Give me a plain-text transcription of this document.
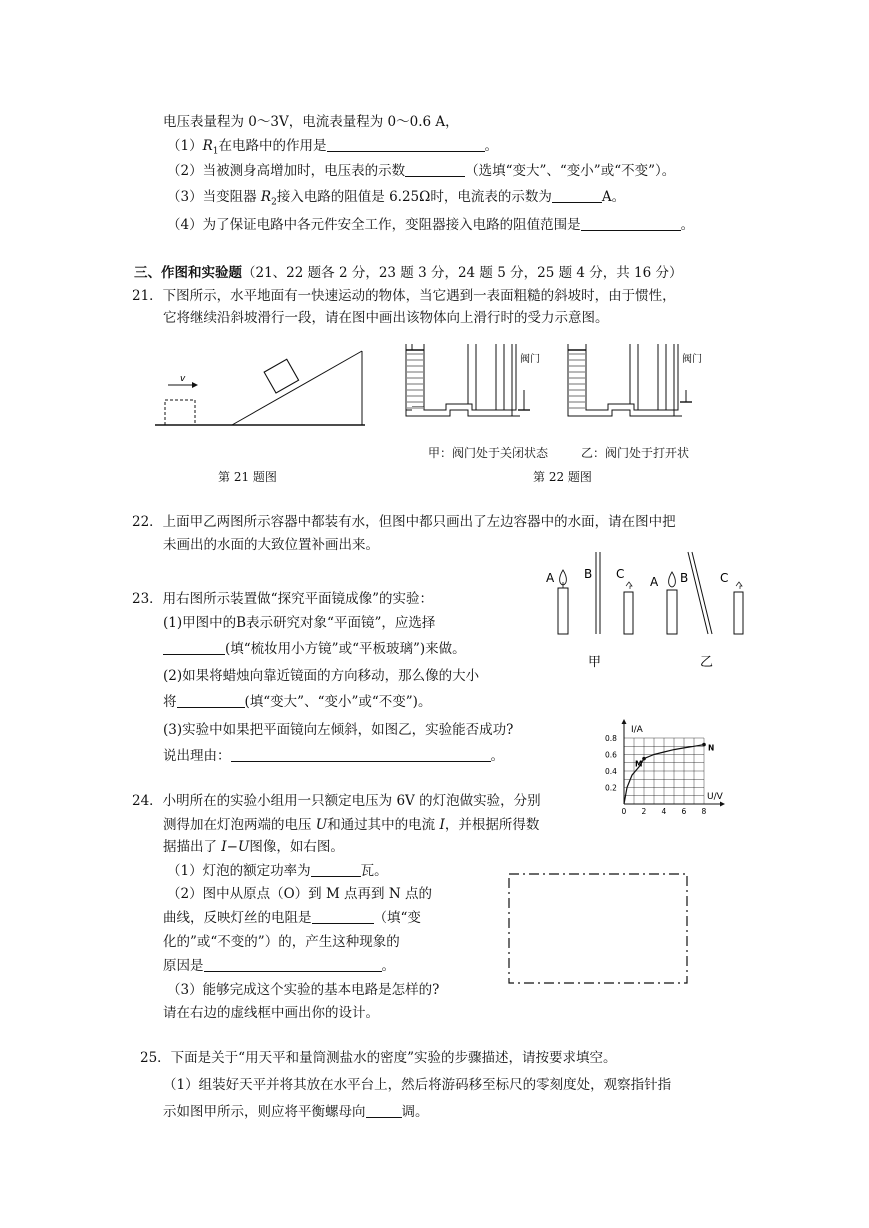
电压表量程为 0～3V，电流表量程为 0～0.6 A，
$(1)R_1$在电路中的作用是	。
（2）当被测身高增加时，电压表的示数	（选填“变大”、“变小”或“不变”）。
（3）当变阻器 $R_2$接入电路的阻值是 6.25Ω时，电流表的示数为	A。
（4）为了保证电路中各元件安全工作，变阻器接入电路的阻值范围是	。
三、作图和实验题（21、22 题各 2 分，23 题 3 分，24 题 5 分，25 题 4 分，共 16 分）
21．下图所示，水平地面有一快速运动的物体，当它遇到一表面粗糙的斜坡时，由于惯性，
它将继续沿斜坡滑行一段，请在图中画出该物体向上滑行时的受力示意图。
v
第 21 题图
阀门	阀门
甲：阀门处于关闭状态	乙：阀门处于打开状
第 22 题图
22．上面甲乙两图所示容器中都装有水，但图中都只画出了左边容器中的水面，请在图中把
未画出的水面的大致位置补画出来。
23．用右图所示装置做“探究平面镜成像”的实验：
(1)甲图中的B表示研究对象“平面镜”，应选择
(填“梳妆用小方镜”或“平板玻璃”)来做。
(2)如果将蜡烛向靠近镜面的方向移动，那么像的大小
将	(填“变大”、“变小”或“不变”)。
(3)实验中如果把平面镜向左倾斜，如图乙，实验能否成功?
说出理由：	。
A B C
甲
A B	C
乙
24．小明所在的实验小组用一只额定电压为 6V 的灯泡做实验，分别
测得加在灯泡两端的电压 U和通过其中的电流 I，并根据所得数
据描出了 I−U图像，如右图。
（1）灯泡的额定功率为	瓦。
（2）图中从原点（O）到 M 点再到 N 点的
曲线，反映灯丝的电阻是	（填“变
化的”或“不变的”）的，产生这种现象的
原因是	。
（3）能够完成这个实验的基本电路是怎样的?
请在右边的虚线框中画出你的设计。
0 2 4 6 8
0.2
0.4
0.6
0.8
I/A
U/V
M
N
25．下面是关于“用天平和量筒测盐水的密度”实验的步骤描述，请按要求填空。
（1）组装好天平并将其放在水平台上，然后将游码移至标尺的零刻度处，观察指针指
示如图甲所示，则应将平衡螺母向	调。
